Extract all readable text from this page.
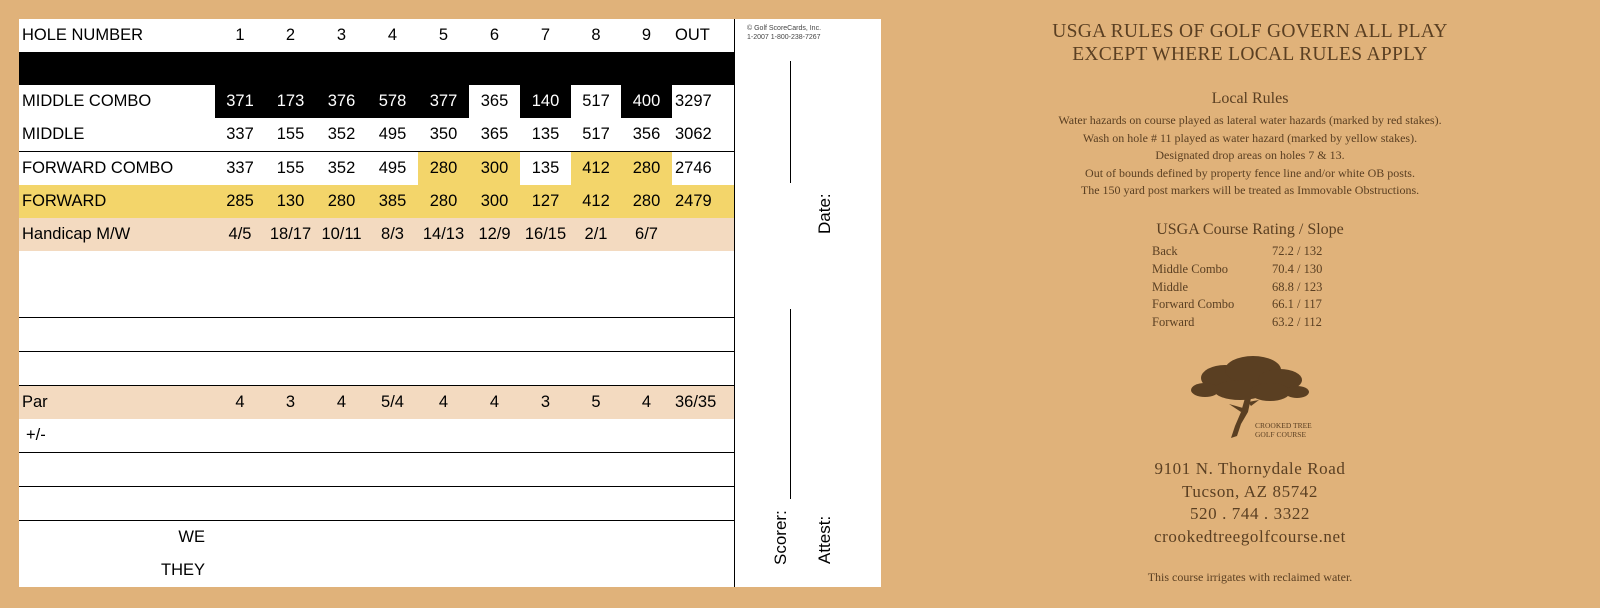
HOLE NUMBER	1	2	3	4	5	6	7	8	9	OUT
BACK	371	173	376	578	377	485	140	566	400	3469
MIDDLE COMBO	371	173	376	578	377	365	140	517	400	3297
MIDDLE	337	155	352	495	350	365	135	517	356	3062
FORWARD COMBO	337	155	352	495	280	300	135	412	280	2746
FORWARD	285	130	280	385	280	300	127	412	280	2479
Handicap M/W	4/5	18/17	10/11	8/3	14/13	12/9	16/15	2/1	6/7	

Par	4	3	4	5/4	4	4	3	5	4	36/35
+/-										

WE										
THEY										
© Golf ScoreCards, Inc.
1-2007 1-800-238-7267
Date:
Scorer: Attest:
USGA RULES OF GOLF GOVERN ALL PLAY
EXCEPT WHERE LOCAL RULES APPLY
Local Rules
Water hazards on course played as lateral water hazards (marked by red stakes).
Wash on hole # 11 played as water hazard (marked by yellow stakes).
Designated drop areas on holes 7 & 13.
Out of bounds defined by property fence line and/or white OB posts.
The 150 yard post markers will be treated as Immovable Obstructions.
USGA Course Rating / Slope
Back	72.2 / 132
Middle Combo	70.4 / 130
Middle	68.8 / 123
Forward Combo	66.1 / 117
Forward	63.2 / 112
CROOKED TREE
GOLF COURSE
9101 N. Thornydale Road
Tucson, AZ 85742
520 . 744 . 3322
crookedtreegolfcourse.net
This course irrigates with reclaimed water.
